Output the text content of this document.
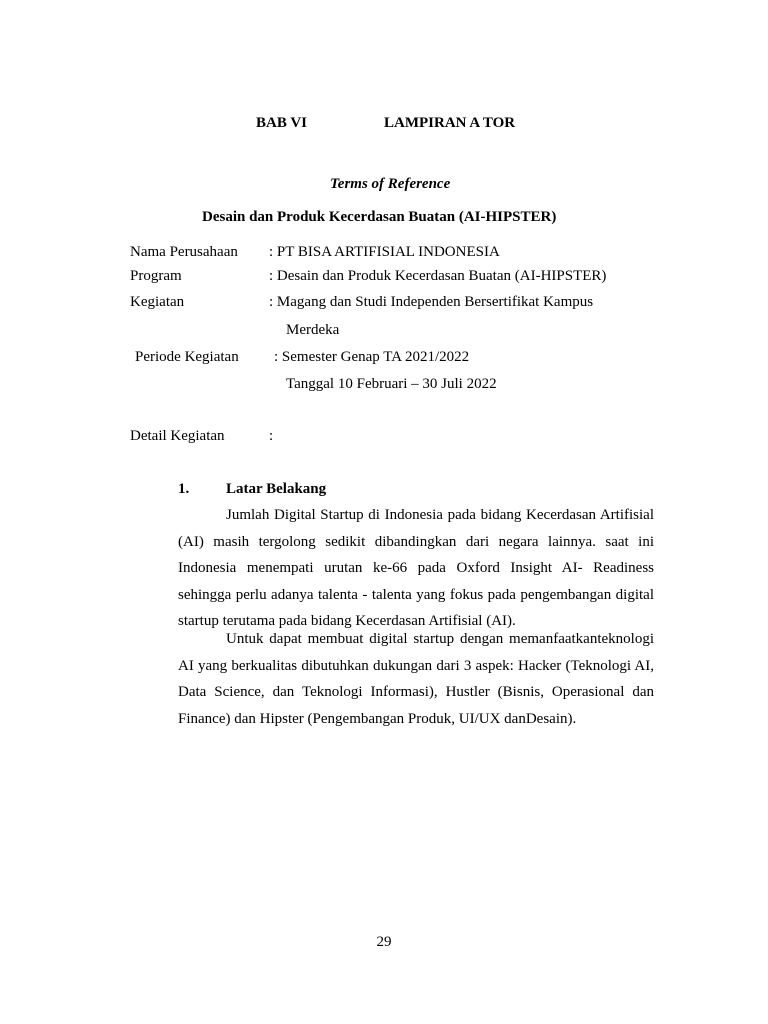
BAB VI	LAMPIRAN A TOR
Terms of Reference
Desain dan Produk Kecerdasan Buatan (AI-HIPSTER)
Nama Perusahaan : PT BISA ARTIFISIAL INDONESIA
Program	: Desain dan Produk Kecerdasan Buatan (AI-HIPSTER)
Kegiatan	: Magang dan Studi Independen Bersertifikat Kampus
Merdeka
Periode Kegiatan : Semester Genap TA 2021/2022
Tanggal 10 Februari – 30 Juli 2022
Detail Kegiatan	:
1. Latar Belakang
Jumlah Digital Startup di Indonesia pada bidang Kecerdasan Artifisial (AI) masih tergolong sedikit dibandingkan dari negara lainnya. saat ini Indonesia menempati urutan ke-66 pada Oxford Insight AI- Readiness sehingga perlu adanya talenta - talenta yang fokus pada pengembangan digital startup terutama pada bidang Kecerdasan Artifisial (AI).
Untuk dapat membuat digital startup dengan memanfaatkanteknologi AI yang berkualitas dibutuhkan dukungan dari 3 aspek: Hacker (Teknologi AI, Data Science, dan Teknologi Informasi), Hustler (Bisnis, Operasional dan Finance) dan Hipster (Pengembangan Produk, UI/UX danDesain).
29
